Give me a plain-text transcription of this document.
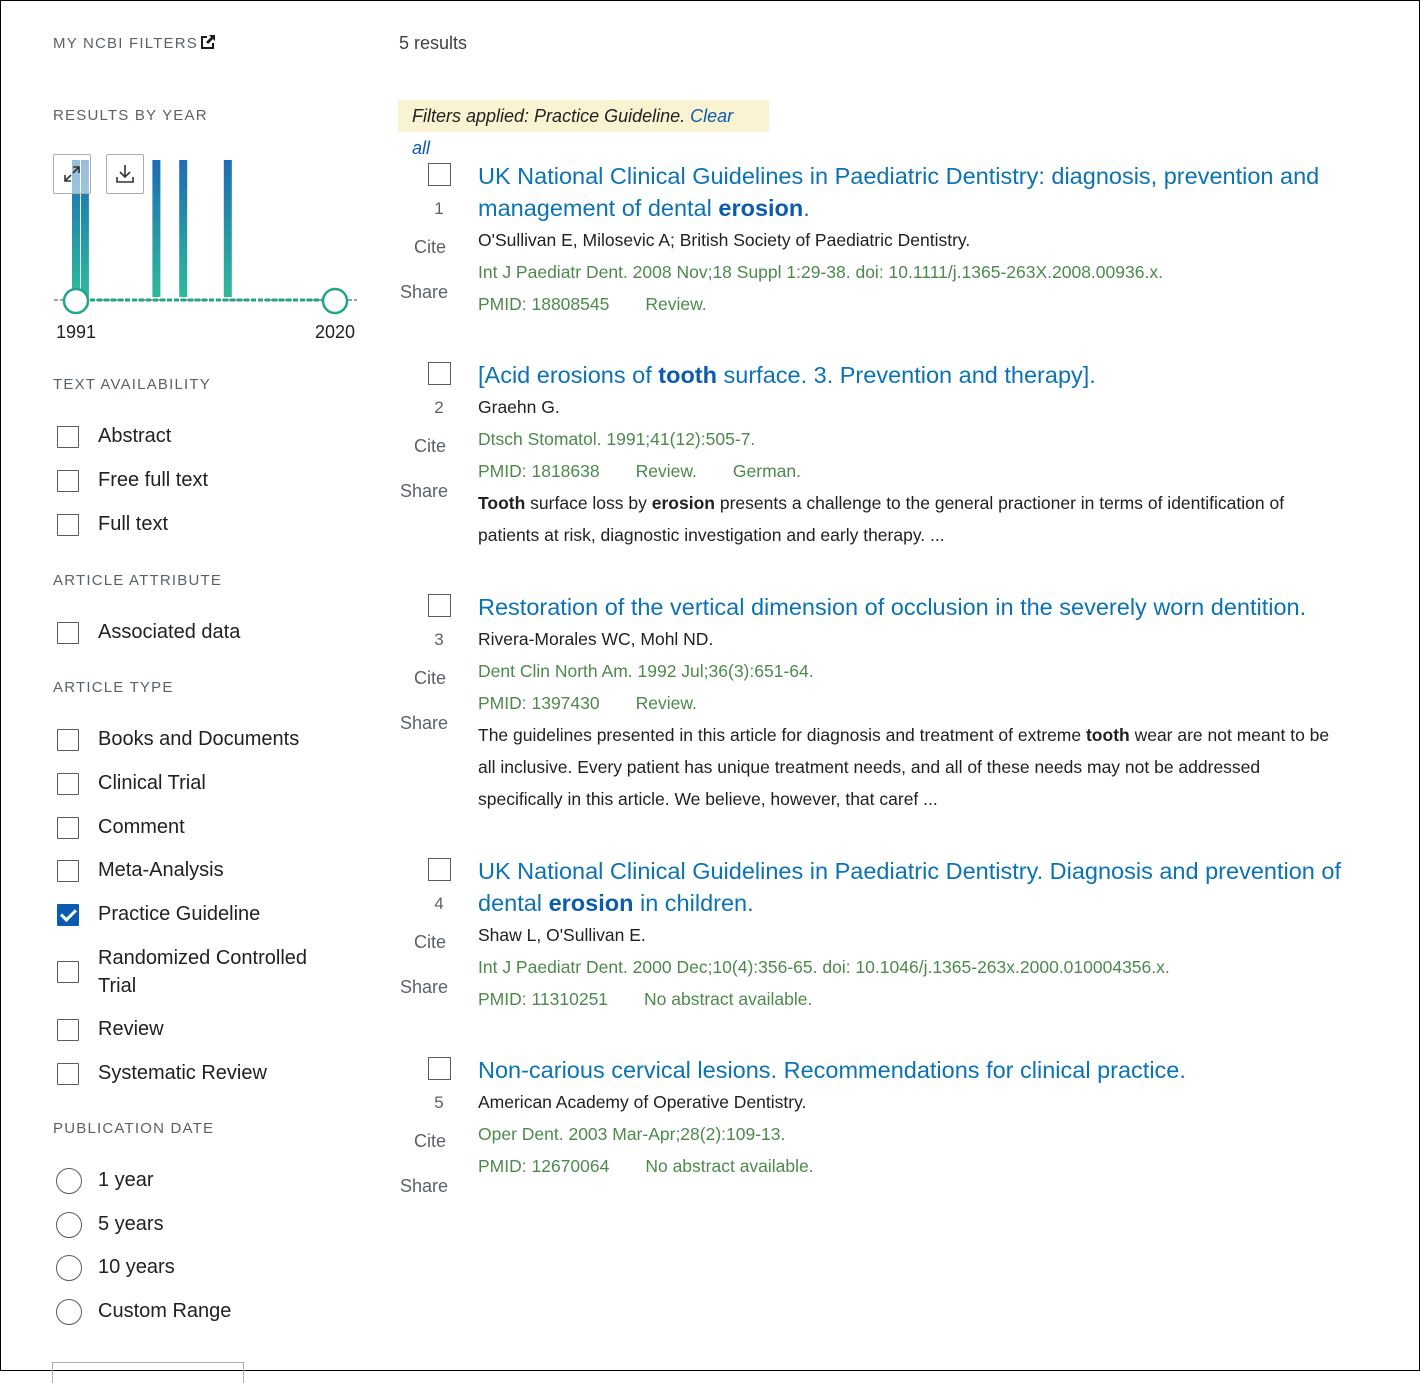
MY NCBI FILTERS
RESULTS BY YEAR
1991	2020
TEXT AVAILABILITY
Abstract
Free full text
Full text
ARTICLE ATTRIBUTE
Associated data
ARTICLE TYPE
Books and Documents
Clinical Trial
Comment
Meta-Analysis
Practice Guideline
Randomized Controlled Trial
Review
Systematic Review
PUBLICATION DATE
1 year
5 years
10 years
Custom Range
5 results
Filters applied: Practice Guideline. Clear all
1
Cite
Share
UK National Clinical Guidelines in Paediatric Dentistry: diagnosis, prevention and management of dental erosion.
O'Sullivan E, Milosevic A; British Society of Paediatric Dentistry.
Int J Paediatr Dent. 2008 Nov;18 Suppl 1:29-38. doi: 10.1111/j.1365-263X.2008.00936.x.
PMID: 18808545 Review.
2
Cite
Share
[Acid erosions of tooth surface. 3. Prevention and therapy].
Graehn G.
Dtsch Stomatol. 1991;41(12):505-7.
PMID: 1818638 Review. German.
Tooth surface loss by erosion presents a challenge to the general practioner in terms of identification of patients at risk, diagnostic investigation and early therapy. ...
3
Cite
Share
Restoration of the vertical dimension of occlusion in the severely worn dentition.
Rivera-Morales WC, Mohl ND.
Dent Clin North Am. 1992 Jul;36(3):651-64.
PMID: 1397430 Review.
The guidelines presented in this article for diagnosis and treatment of extreme tooth wear are not meant to be all inclusive. Every patient has unique treatment needs, and all of these needs may not be addressed specifically in this article. We believe, however, that caref ...
4
Cite
Share
UK National Clinical Guidelines in Paediatric Dentistry. Diagnosis and prevention of dental erosion in children.
Shaw L, O'Sullivan E.
Int J Paediatr Dent. 2000 Dec;10(4):356-65. doi: 10.1046/j.1365-263x.2000.010004356.x.
PMID: 11310251 No abstract available.
5
Cite
Share
Non-carious cervical lesions. Recommendations for clinical practice.
American Academy of Operative Dentistry.
Oper Dent. 2003 Mar-Apr;28(2):109-13.
PMID: 12670064 No abstract available.
